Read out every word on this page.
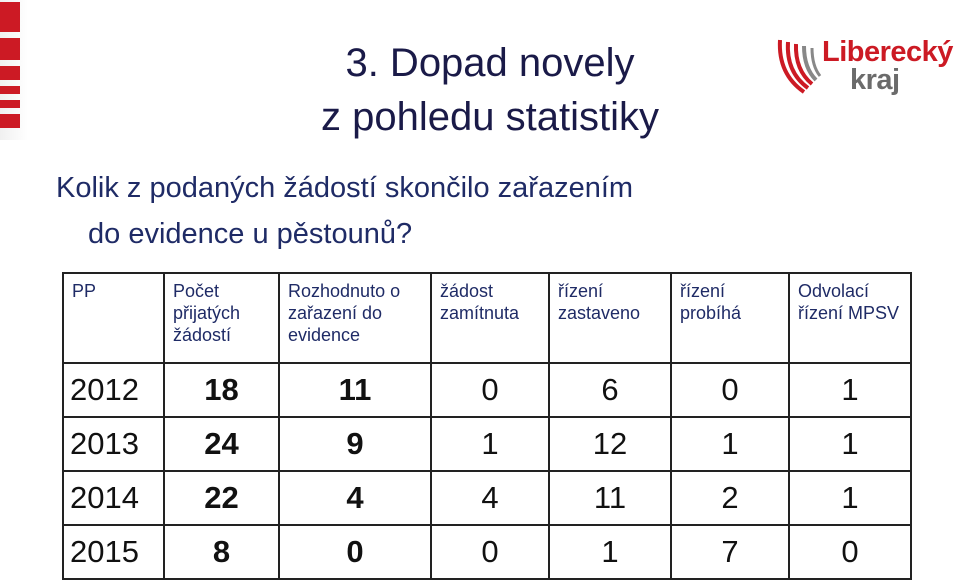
3. Dopad novely
z pohledu statistiky
Liberecký
kraj
Kolik z podaných žádostí skončilo zařazením
do evidence u pěstounů?
PP	Počet přijatých žádostí	Rozhodnuto o zařazení do evidence	žádost zamítnuta	řízení zastaveno	řízení probíhá	Odvolací řízení MPSV
2012	18	11	0	6	0	1
2013	24	9	1	12	1	1
2014	22	4	4	11	2	1
2015	8	0	0	1	7	0
